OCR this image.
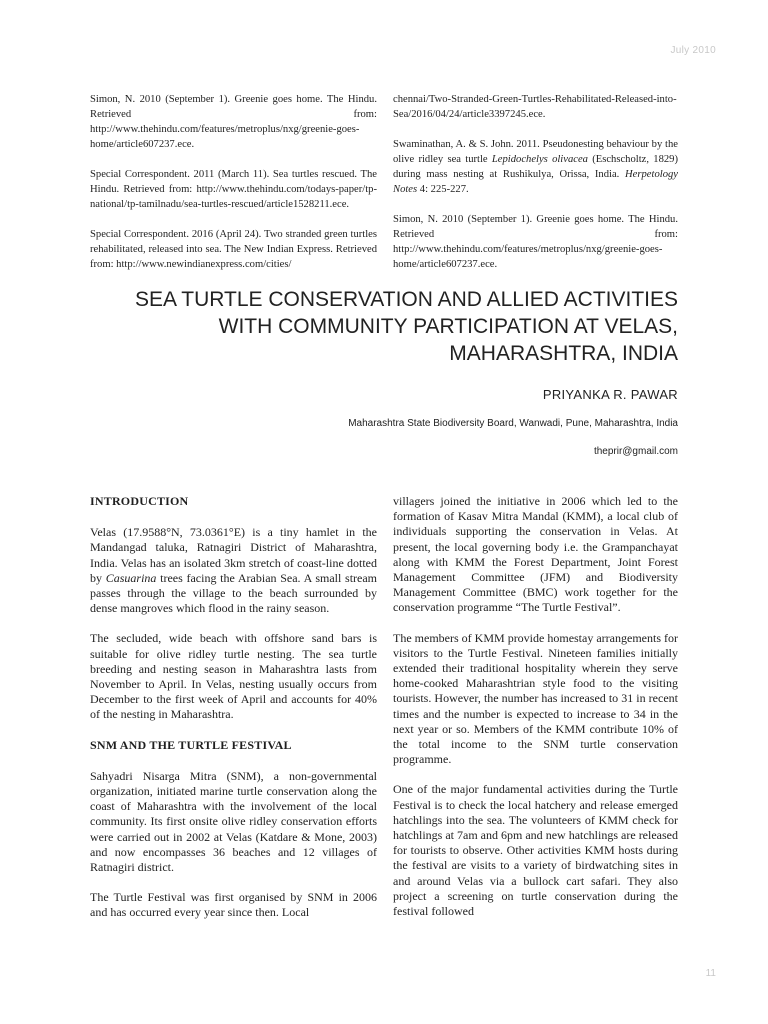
July 2010

Simon, N. 2010 (September 1). Greenie goes home. The Hindu. Retrieved from: http://www.thehindu.com/features/metroplus/nxg/greenie-goes-home/article607237.ece.

Special Correspondent. 2011 (March 11). Sea turtles rescued. The Hindu. Retrieved from: http://www.thehindu.com/todays-paper/tp-national/tp-tamilnadu/sea-turtles-rescued/article1528211.ece.

Special Correspondent. 2016 (April 24). Two stranded green turtles rehabilitated, released into sea. The New Indian Express. Retrieved from: http://www.newindianexpress.com/cities/

chennai/Two-Stranded-Green-Turtles-Rehabilitated-Released-into-Sea/2016/04/24/article3397245.ece.

Swaminathan, A. & S. John. 2011. Pseudonesting behaviour by the olive ridley sea turtle Lepidochelys olivacea (Eschscholtz, 1829) during mass nesting at Rushikulya, Orissa, India. Herpetology Notes 4: 225-227.

Simon, N. 2010 (September 1). Greenie goes home. The Hindu. Retrieved from: http://www.thehindu.com/features/metroplus/nxg/greenie-goes-home/article607237.ece.

SEA TURTLE CONSERVATION AND ALLIED ACTIVITIES WITH COMMUNITY PARTICIPATION AT VELAS, MAHARASHTRA, INDIA
PRIYANKA R. PAWAR
Maharashtra State Biodiversity Board, Wanwadi, Pune, Maharashtra, India
theprir@gmail.com
INTRODUCTION

Velas (17.9588°N, 73.0361°E) is a tiny hamlet in the Mandangad taluka, Ratnagiri District of Maharashtra, India. Velas has an isolated 3km stretch of coast-line dotted by Casuarina trees facing the Arabian Sea. A small stream passes through the village to the beach surrounded by dense mangroves which flood in the rainy season.

The secluded, wide beach with offshore sand bars is suitable for olive ridley turtle nesting. The sea turtle breeding and nesting season in Maharashtra lasts from November to April. In Velas, nesting usually occurs from December to the first week of April and accounts for 40% of the nesting in Maharashtra.

SNM AND THE TURTLE FESTIVAL

Sahyadri Nisarga Mitra (SNM), a non-governmental organization, initiated marine turtle conservation along the coast of Maharashtra with the involvement of the local community. Its first onsite olive ridley conservation efforts were carried out in 2002 at Velas (Katdare & Mone, 2003) and now encompasses 36 beaches and 12 villages of Ratnagiri district.

The Turtle Festival was first organised by SNM in 2006 and has occurred every year since then. Local

villagers joined the initiative in 2006 which led to the formation of Kasav Mitra Mandal (KMM), a local club of individuals supporting the conservation in Velas. At present, the local governing body i.e. the Grampanchayat along with KMM the Forest Department, Joint Forest Management Committee (JFM) and Biodiversity Management Committee (BMC) work together for the conservation programme “The Turtle Festival”.

The members of KMM provide homestay arrangements for visitors to the Turtle Festival. Nineteen families initially extended their traditional hospitality wherein they serve home-cooked Maharashtrian style food to the visiting tourists. However, the number has increased to 31 in recent times and the number is expected to increase to 34 in the next year or so. Members of the KMM contribute 10% of the total income to the SNM turtle conservation programme.

One of the major fundamental activities during the Turtle Festival is to check the local hatchery and release emerged hatchlings into the sea. The volunteers of KMM check for hatchlings at 7am and 6pm and new hatchlings are released for tourists to observe. Other activities KMM hosts during the festival are visits to a variety of birdwatching sites in and around Velas via a bullock cart safari. They also project a screening on turtle conservation during the festival followed

11
